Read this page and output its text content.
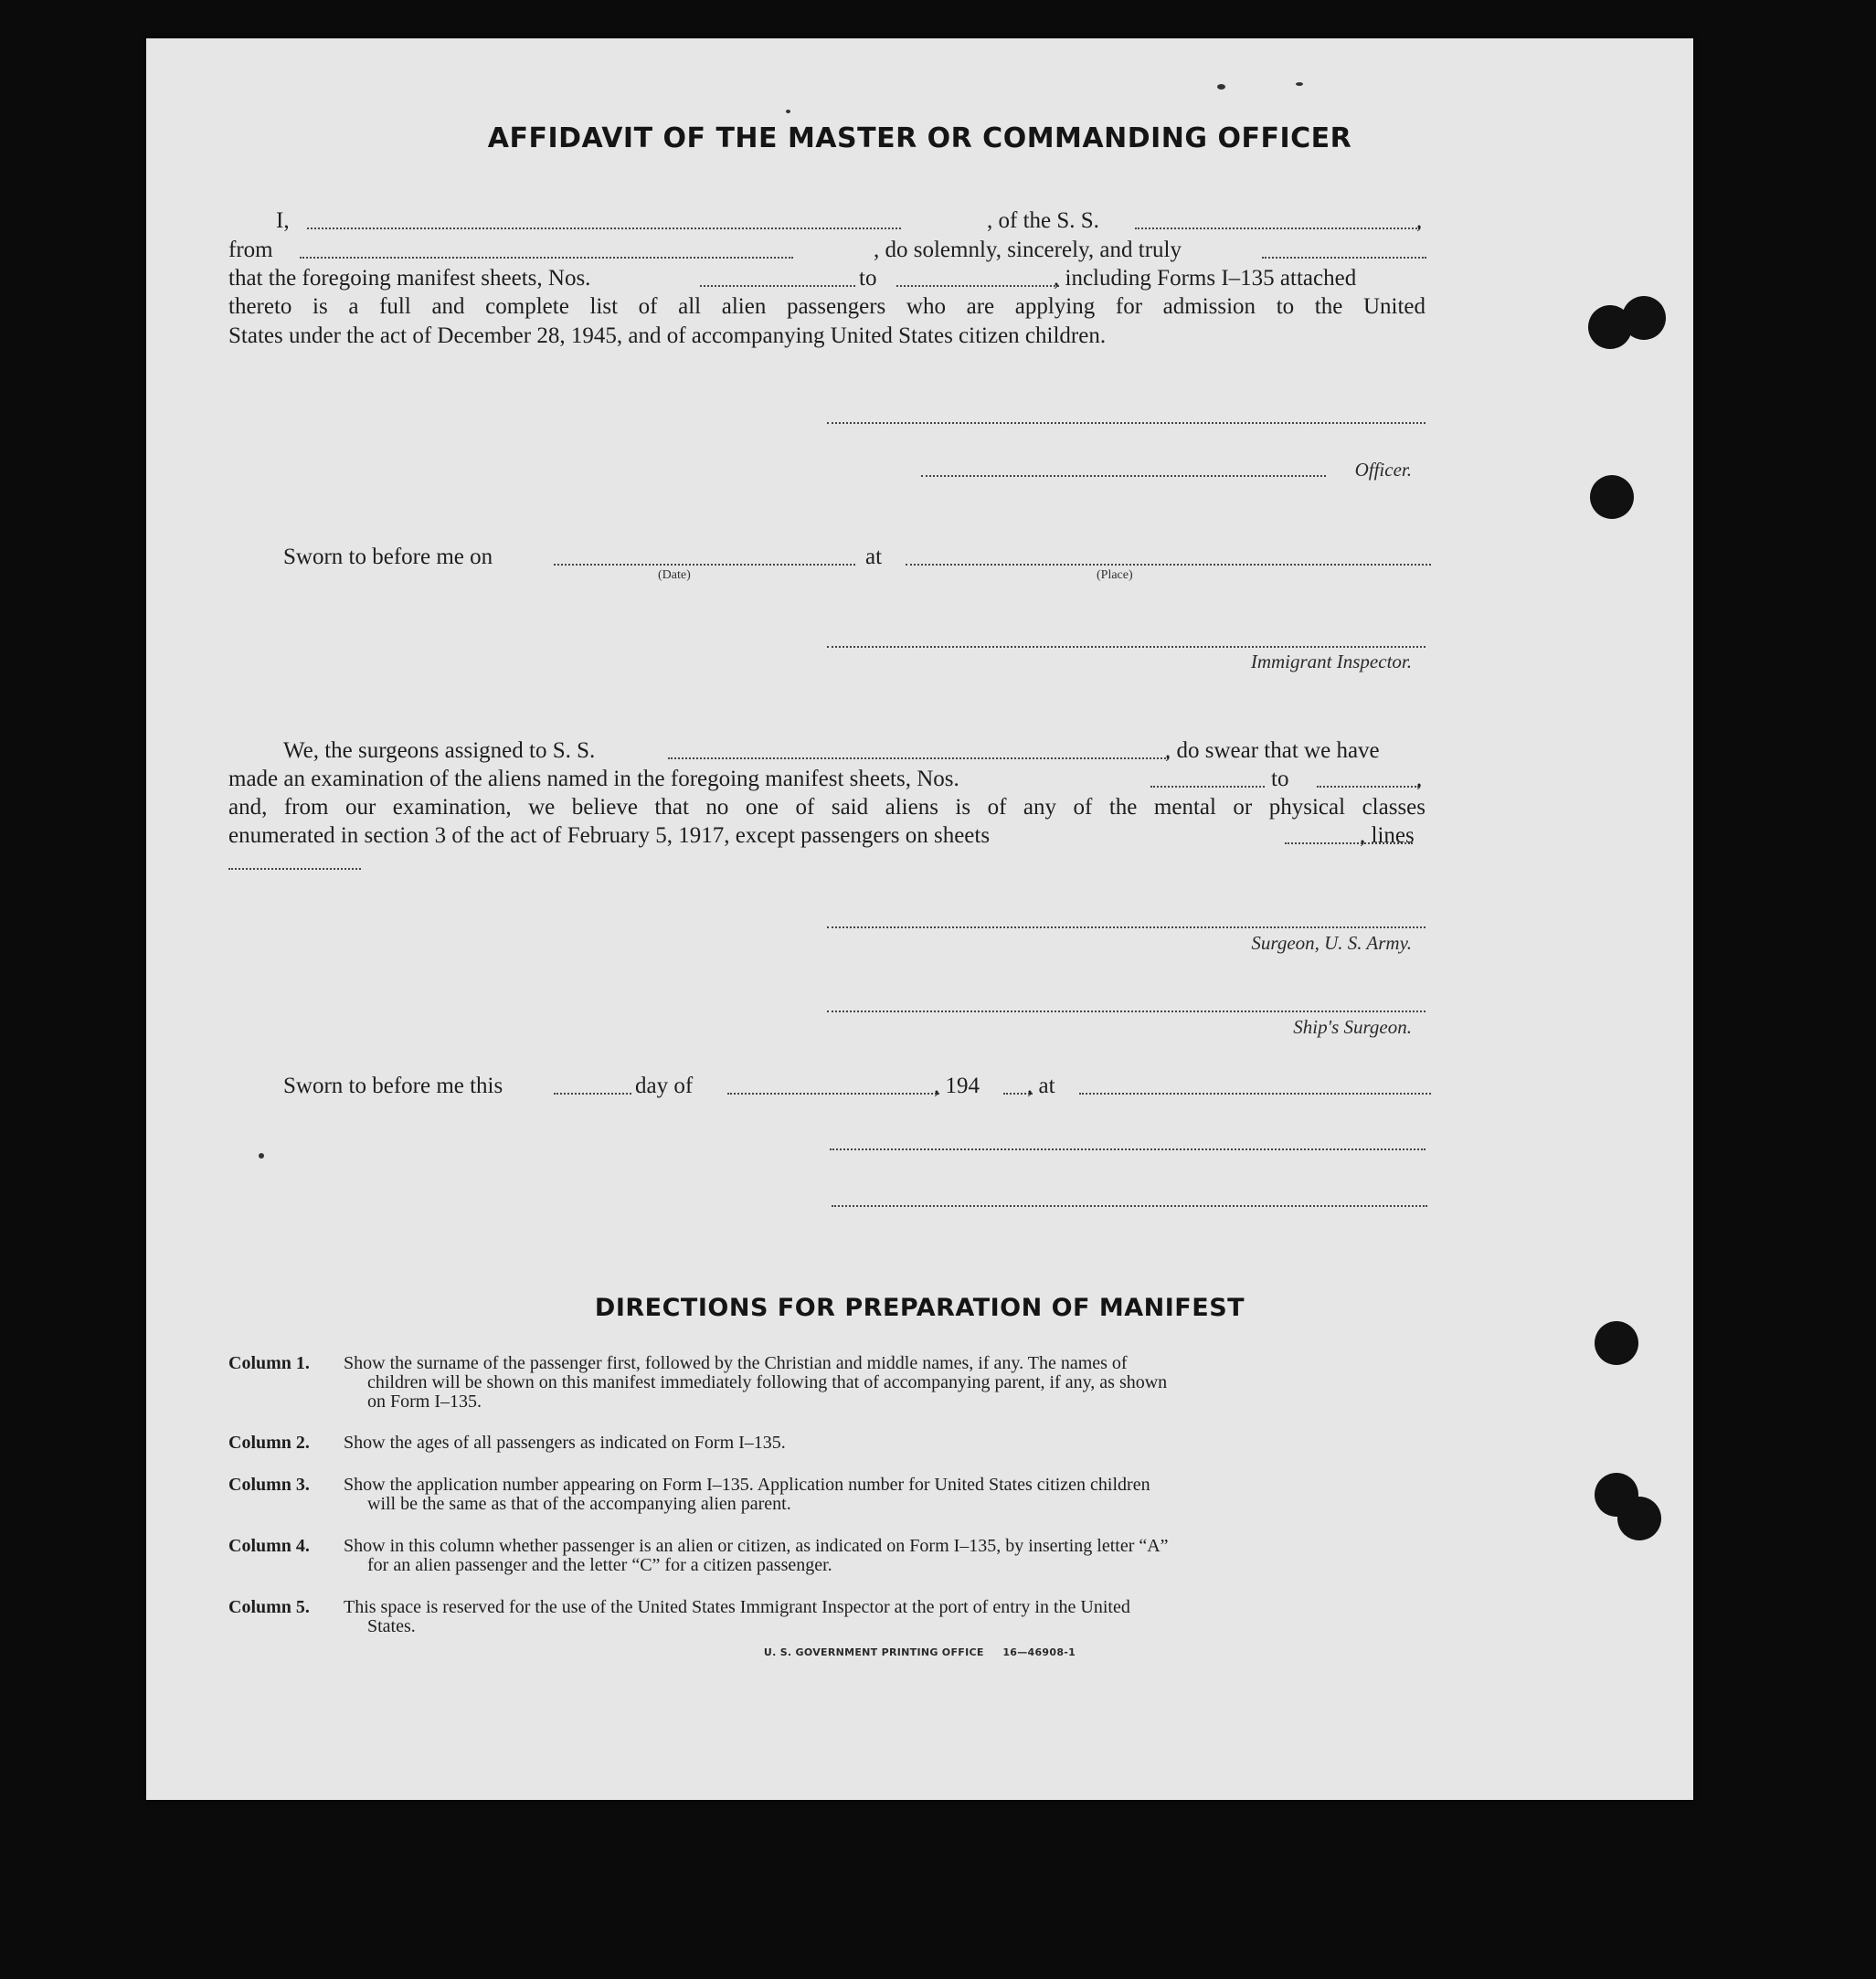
AFFIDAVIT OF THE MASTER OR COMMANDING OFFICER
I,	, of the S. S.	,
from	, do solemnly, sincerely, and truly
that the foregoing manifest sheets, Nos.	to	, including Forms I–135 attached
thereto is a full and complete list of all alien passengers who are applying for admission to the United
States under the act of December 28, 1945, and of accompanying United States citizen children.
Officer.
Sworn to before me on	at
(Date)	(Place)
Immigrant Inspector.
We, the surgeons assigned to S. S.	, do swear that we have
made an examination of the aliens named in the foregoing manifest sheets, Nos.	to	,
and, from our examination, we believe that no one of said aliens is of any of the mental or physical classes
enumerated in section 3 of the act of February 5, 1917, except passengers on sheets	, lines
Surgeon, U. S. Army.
Ship's Surgeon.
Sworn to before me this	day of	, 194 , at
DIRECTIONS FOR PREPARATION OF MANIFEST
Column 1.	Show the surname of the passenger first, followed by the Christian and middle names, if any. The names of
children will be shown on this manifest immediately following that of accompanying parent, if any, as shown
on Form I–135.
Column 2.	Show the ages of all passengers as indicated on Form I–135.
Column 3.	Show the application number appearing on Form I–135. Application number for United States citizen children
will be the same as that of the accompanying alien parent.
Column 4.	Show in this column whether passenger is an alien or citizen, as indicated on Form I–135, by inserting letter “A”
for an alien passenger and the letter “C” for a citizen passenger.
Column 5.	This space is reserved for the use of the United States Immigrant Inspector at the port of entry in the United
States.
U. S. GOVERNMENT PRINTING OFFICE     16—46908-1
